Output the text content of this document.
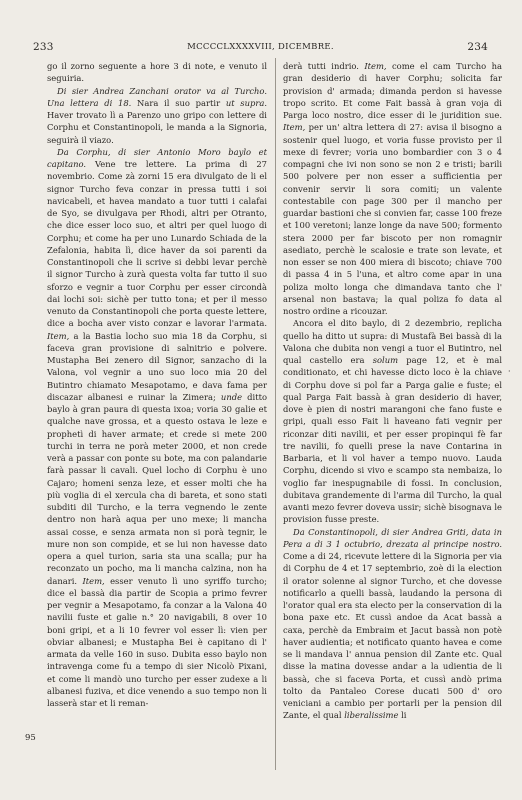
233	MCCCCLXXXXVIII, DICEMBRE.	234

go il zorno seguente a hore 3 di note, e venuto il seguiria.

Di sier Andrea Zanchani orator va al Turcho. Una lettera di 18. Nara il suo partir ut supra. Haver trovato lì a Parenzo uno gripo con lettere di Corphu et Constantinopoli, le manda a la Signoria, seguirà il viazo.

Da Corphu, di sier Antonio Moro baylo et capitano. Vene tre lettere. La prima di 27 novembrio. Come zà zorni 15 era divulgato de li el signor Turcho feva conzar in pressa tutti i soi navicabeli, et havea mandato a tuor tutti i calafai de Syo, se divulgava per Rhodi, altri per Otranto, che dice esser loco suo, et altri per quel luogo di Corphu; et come ha per uno Lunardo Schiada de la Zefalonia, habita lì, dice haver da soi parenti da Constantinopoli che li scrive si debbi levar perchè il signor Turcho à zurà questa volta far tutto il suo sforzo e vegnir a tuor Corphu per esser circondà dai lochi soi: sichè per tutto tona; et per il messo venuto da Constantinopoli che porta queste lettere, dice a bocha aver visto conzar e lavorar l'armata. Item, a la Bastia locho suo mia 18 da Corphu, si faceva gran provisione di salnitrio e polvere. Mustapha Bei zenero dil Signor, sanzacho di la Valona, vol vegnir a uno suo loco mia 20 del Butintro chiamato Mesapotamo, e dava fama per discazar albanesi e ruinar la Zimera; unde ditto baylo à gran paura di questa ixoa; voria 30 galie et qualche nave grossa, et a questo ostava le leze e prophetì di haver armate; et crede si mete 200 turchi in terra ne porà meter 2000, et non crede verà a passar con ponte su bote, ma con palandarie farà passar li cavali. Quel locho di Corphu è uno Cajaro; homeni senza leze, et esser molti che ha più voglia di el xercula cha di bareta, et sono stati subditi dil Turcho, e la terra vegnendo le zente dentro non harà aqua per uno mexe; li mancha assai cosse, e senza armata non si porà tegnir, le mure non son compide, et se lui non havesse dato opera a quel turion, saria sta una scalla; pur ha reconzato un pocho, ma li mancha calzina, non ha danari. Item, esser venuto lì uno syriffo turcho; dice el bassà dia partir de Scopia a primo fevrer per vegnir a Mesapotamo, fa conzar a la Valona 40 navilii fuste et galie n.° 20 navigabili, 8 over 10 boni gripi, et a li 10 fevrer vol esser lì: vien per obviar albanesi; e Mustapha Bei è capitano di l' armata da velle 160 in suso. Dubita esso baylo non intravenga come fu a tempo di sier Nicolò Pixani, et come li mandò uno turcho per esser zudexe a li albanesi fuziva, et dice venendo a suo tempo non li lasserà star et li reman-

derà tutti indrio. Item, come el cam Turcho ha gran desiderio di haver Corphu; solicita far provision d' armada; dimanda perdon si havesse tropo scrito. Et come Fait bassà à gran voja di Parga loco nostro, dice esser di le juridition sue. Item, per un' altra lettera di 27: avisa il bisogno a sostenir quel luogo, et voria fusse provisto per il mexe di fevrer; voria uno bombardier con 3 o 4 compagni che ivi non sono se non 2 e tristi; barili 500 polvere per non esser a sufficientia per convenir servir li sora comiti; un valente contestabile con page 300 per il mancho per guardar bastioni che si convien far, casse 100 freze et 100 veretoni; lanze longe da nave 500; formento stera 2000 per far biscoto per non romagnir asediato, perchè le scalosie e trate son levate, et non esser se non 400 miera di biscoto; chiave 700 di passa 4 in 5 l'una, et altro come apar in una poliza molto longa che dimandava tanto che l' arsenal non bastava; la qual poliza fo data al nostro ordine a ricouzar.

Ancora el dito baylo, di 2 dezembrio, replicha quello ha ditto ut supra: di Mustafà Bei bassà di la Valona che dubita non vengi a tuor el Butintro, nel qual castello era solum page 12, et è mal conditionato, et chi havesse dicto loco è la chiave di Corphu dove si pol far a Parga galie e fuste; el qual Parga Fait bassà à gran desiderio di haver, dove è pien di nostri marangoni che fano fuste e gripi, quali esso Fait li haveano fati vegnir per riconzar diti navilii, et per esser propinqui fè far tre navilii, fo quelli prese la nave Contarina in Barbaria, et li vol haver a tempo nuovo. Lauda Corphu, dicendo si vivo e scampo sta nembaiza, lo voglio far inespugnabile di fossi. In conclusion, dubitava grandemente di l'arma dil Turcho, la qual avanti mezo fevrer doveva ussir; sichè bisognava le provision fusse preste.

Da Constantinopoli, di sier Andrea Griti, data in Pera a di 3 1 octubrio, drezata al principe nostro. Come a di 24, ricevute lettere di la Signoria per via di Corphu de 4 et 17 septembrio, zoè di la election il orator solenne al signor Turcho, et che dovesse notificarlo a quelli bassà, laudando la persona di l'orator qual era sta electo per la conservation di la bona paxe etc. Et cussì andoe da Acat bassà a caxa, perchè da Embraim et Jacut bassà non potè haver audientia; et notificato quanto havea e come se li mandava l' annua pension dil Zante etc. Qual disse la matina dovesse andar a la udientia de li bassà, che si faceva Porta, et cussì andò prima tolto da Pantaleo Corese ducati 500 d' oro veniciani a cambio per portarli per la pension dil Zante, el qual liberalissime li

95
·
